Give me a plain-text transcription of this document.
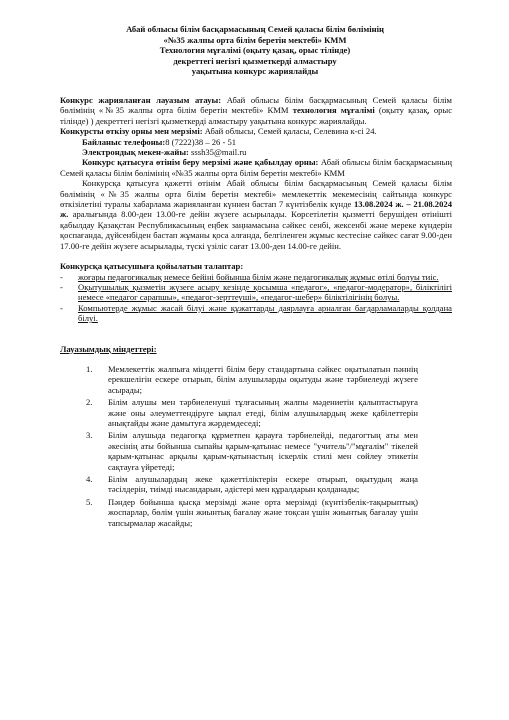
Абай облысы білім басқармасының Семей қаласы білім бөлімінің
«№35 жалпы орта білім беретін мектебі» КММ
Технология мұғалімі (оқыту қазақ, орыс тілінде)
декреттегі негізгі қызметкерді алмастыру
уақытына конкурс жариялайды

Конкурс жарияланған лауазым атауы: Абай облысы білім басқармасының Семей қаласы білім бөлімінің «№35 жалпы орта білім беретін мектебі» КММ технология мұғалімі (оқыту қазақ, орыс тілінде) ) декреттегі негізгі қызметкерді алмастыру уақытына конкурс жариялайды.

Конкурсты өткізу орны мен мерзімі: Абай облысы, Семей қаласы, Селевина к-сі 24.

Байланыс телефоны:8 (7222)38 – 26 - 51

Электрондық мекен-жайы: sssh35@mail.ru

Конкурс қатысуға өтінім беру мерзімі және қабылдау орны: Абай облысы білім басқармасының Семей қаласы білім бөлімінің «№35 жалпы орта білім беретін мектебі» КММ

Конкурсқа қатысуға қажетті өтінім Абай облысы білім басқармасының Семей қаласы білім бөлімінің «№35 жалпы орта білім беретін мектебі» мемлекеттік мекемесінің сайтында конкурс өткізілетіні туралы хабарлама жарияланған күннен бастап 7 күнтізбелік күнде 13.08.2024 ж. – 21.08.2024 ж. аралығында 8.00-ден 13.00-ге дейін жүзеге асырылады. Көрсетілетін қызметті берушіден өтінішті қабылдау Қазақстан Республикасының еңбек заңнамасына сәйкес сенбі, жексенбі және мереке күндерін қоспағанда, дүйсенбіден бастап жұманы қоса алғанда, белгіленген жұмыс кестесіне сәйкес сағат 9.00-ден 17.00-ге дейін жүзеге асырылады, түскі үзіліс сағат 13.00-ден 14.00-ге дейін.

Конкурсқа қатысушыға қойылатын талаптар:

- жоғары педагогикалық немесе бейіні бойынша білім және педагогикалық жұмыс өтілі болуы тиіс.
- Оқытушылық қызметін жүзеге асыру кезінде қосымша «педагог», «педагог-модератор», біліктілігі немесе «педагог сарапшы», «педагог-зерттеуші», «педагог-шебер» біліктілігінің болуы.
- Компьютерде жұмыс жасай білуі және құжаттарды даярлауға арналған бағдарламаларды қолдана білуі.

Лауазымдық міндеттері:

1. Мемлекеттік жалпыға міндетті білім беру стандартына сәйкес оқытылатын пәннің ерекшелігін ескере отырып, білім алушыларды оқытуды және тәрбиелеуді жүзеге асырады;
2. Білім алушы мен тәрбиеленуші тұлғасының жалпы мәдениетін қалыптастыруға және оны әлеуметтендіруге ықпал етеді, білім алушылардың жеке қабілеттерін анықтайды және дамытуға жәрдемдеседі;
3. Білім алушыда педагогқа құрметпен қарауға тәрбиелейді, педагогтың аты мен әкесінің аты бойынша сыпайы қарым-қатынас немесе "учитель"/"мұғалім" тікелей қарым-қатынас арқылы қарым-қатынастың іскерлік стилі мен сөйлеу этикетін сақтауға үйретеді;
4. Білім алушылардың жеке қажеттіліктерін ескере отырып, оқытудың жаңа тәсілдерін, тиімді нысандарын, әдістері мен құралдарын қолданады;
5. Пәндер бойынша қысқа мерзімді және орта мерзімді (күнтізбелік-тақырыптық) жоспарлар, бөлім үшін жиынтық бағалау және тоқсан үшін жиынтық бағалау үшін тапсырмалар жасайды;
